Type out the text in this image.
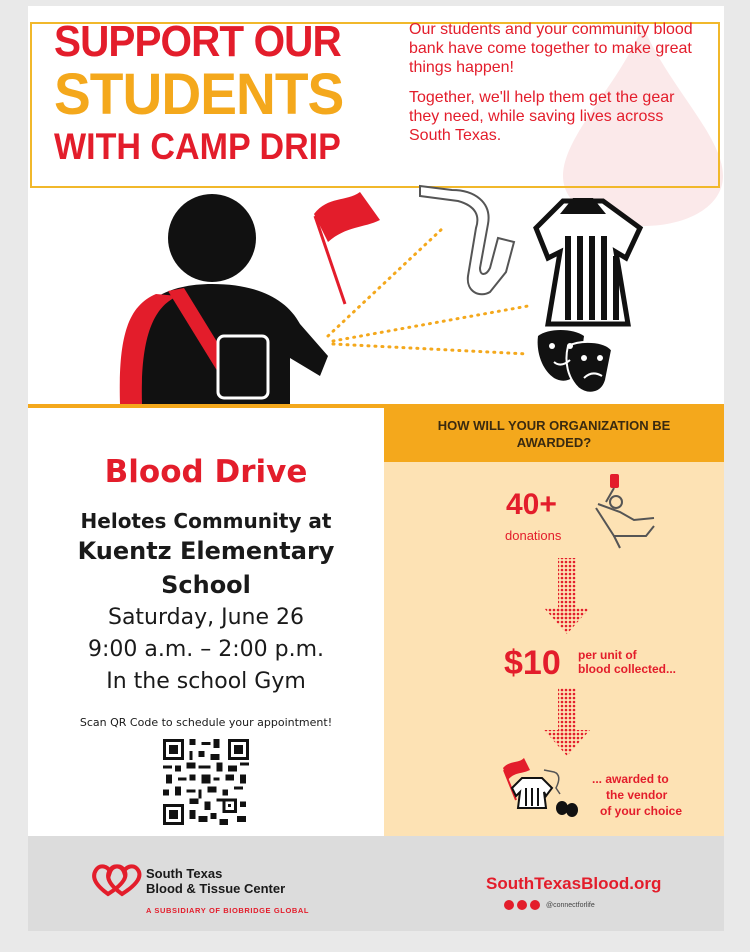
SUPPORT OUR
STUDENTS
WITH CAMP DRIP

Our students and your community blood bank have come together to make great things happen!

Together, we'll help them get the gear they need, while saving lives across South Texas.

Blood Drive
Helotes Community at
Kuentz Elementary School
Saturday, June 26
9:00 a.m. – 2:00 p.m.
In the school Gym
Scan QR Code to schedule your appointment!
HOW WILL YOUR ORGANIZATION BE AWARDED?
40+
donations
$10 per unit of
blood collected...
... awarded to
the vendor
of your choice
South Texas
Blood & Tissue Center
A SUBSIDIARY OF BIOBRIDGE GLOBAL
SouthTexasBlood.org
@connectforlife
